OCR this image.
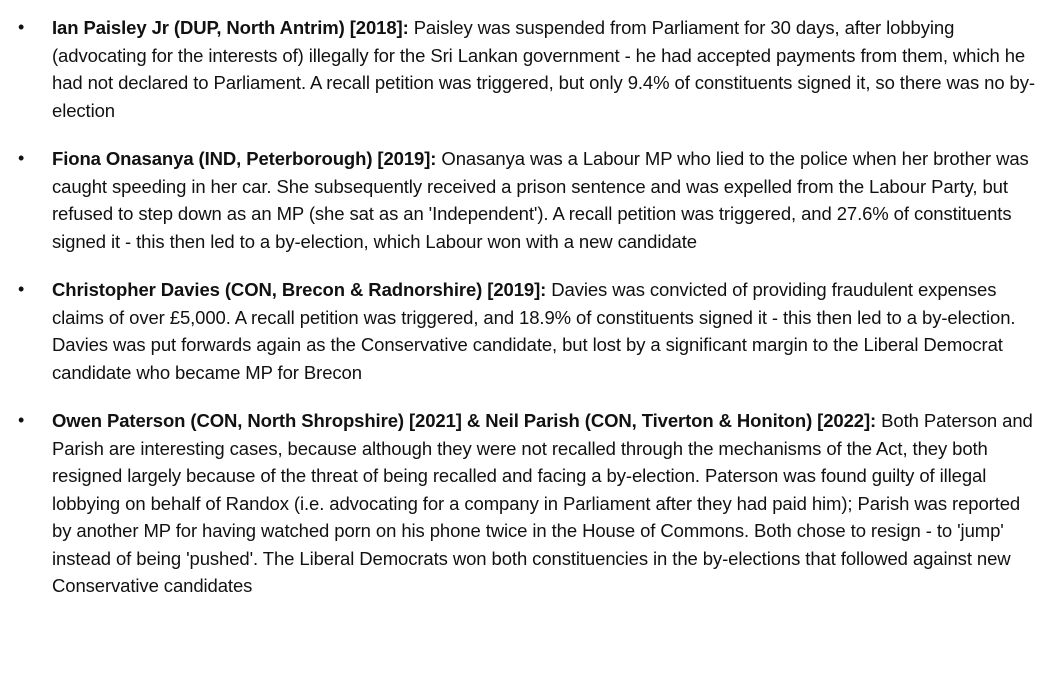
• Ian Paisley Jr (DUP, North Antrim) [2018]: Paisley was suspended from Parliament for 30 days, after lobbying (advocating for the interests of) illegally for the Sri Lankan government - he had accepted payments from them, which he had not declared to Parliament. A recall petition was triggered, but only 9.4% of constituents signed it, so there was no by-election
• Fiona Onasanya (IND, Peterborough) [2019]: Onasanya was a Labour MP who lied to the police when her brother was caught speeding in her car. She subsequently received a prison sentence and was expelled from the Labour Party, but refused to step down as an MP (she sat as an 'Independent'). A recall petition was triggered, and 27.6% of constituents signed it - this then led to a by-election, which Labour won with a new candidate
• Christopher Davies (CON, Brecon & Radnorshire) [2019]: Davies was convicted of providing fraudulent expenses claims of over £5,000. A recall petition was triggered, and 18.9% of constituents signed it - this then led to a by-election. Davies was put forwards again as the Conservative candidate, but lost by a significant margin to the Liberal Democrat candidate who became MP for Brecon
• Owen Paterson (CON, North Shropshire) [2021] & Neil Parish (CON, Tiverton & Honiton) [2022]: Both Paterson and Parish are interesting cases, because although they were not recalled through the mechanisms of the Act, they both resigned largely because of the threat of being recalled and facing a by-election. Paterson was found guilty of illegal lobbying on behalf of Randox (i.e. advocating for a company in Parliament after they had paid him); Parish was reported by another MP for having watched porn on his phone twice in the House of Commons. Both chose to resign - to 'jump' instead of being 'pushed'. The Liberal Democrats won both constituencies in the by-elections that followed against new Conservative candidates
